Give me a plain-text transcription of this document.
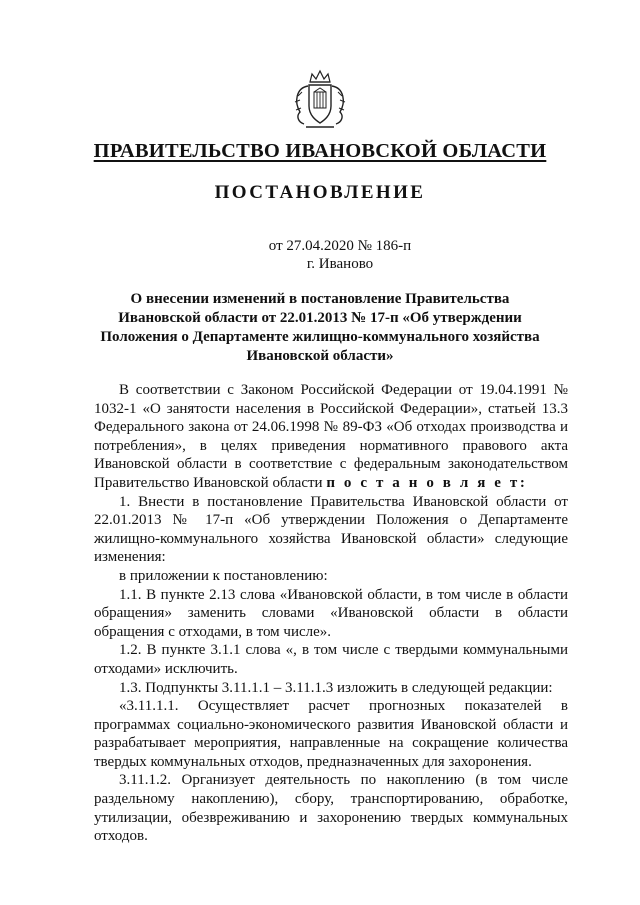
ПРАВИТЕЛЬСТВО ИВАНОВСКОЙ ОБЛАСТИ
ПОСТАНОВЛЕНИЕ
от 27.04.2020 № 186-п
г. Иваново
О внесении изменений в постановление Правительства
Ивановской области от 22.01.2013 № 17-п «Об утверждении
Положения о Департаменте жилищно-коммунального хозяйства
Ивановской области»

В соответствии с Законом Российской Федерации от 19.04.1991 № 1032-1 «О занятости населения в Российской Федерации», статьей 13.3 Федерального закона от 24.06.1998 № 89-ФЗ «Об отходах производства и потребления», в целях приведения нормативного правового акта Ивановской области в соответствие с федеральным законодательством Правительство Ивановской области п о с т а н о в л я е т:

1. Внести в постановление Правительства Ивановской области от 22.01.2013 № 17-п «Об утверждении Положения о Департаменте жилищно-коммунального хозяйства Ивановской области» следующие изменения:

в приложении к постановлению:

1.1. В пункте 2.13 слова «Ивановской области, в том числе в области обращения» заменить словами «Ивановской области в области обращения с отходами, в том числе».

1.2. В пункте 3.1.1 слова «, в том числе с твердыми коммунальными отходами» исключить.

1.3. Подпункты 3.11.1.1 – 3.11.1.3 изложить в следующей редакции:

«3.11.1.1. Осуществляет расчет прогнозных показателей в программах социально-экономического развития Ивановской области и разрабатывает мероприятия, направленные на сокращение количества твердых коммунальных отходов, предназначенных для захоронения.

3.11.1.2. Организует деятельность по накоплению (в том числе раздельному накоплению), сбору, транспортированию, обработке, утилизации, обезвреживанию и захоронению твердых коммунальных отходов.
